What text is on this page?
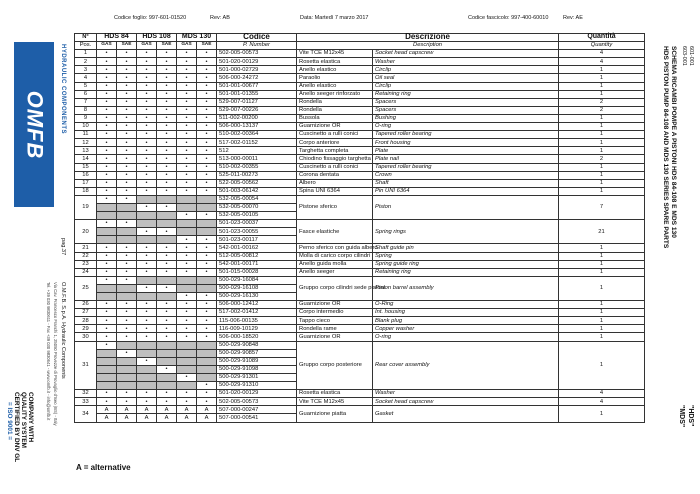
Codice foglio: 997-601-01520	Rev: AB	Data: Martedì 7 marzo 2017	Codice fascicolo: 997-400-60010	Rev: AE
OMFB HYDRAULIC COMPONENTS
O.M.F.B. S.p.A. Hydraulic Components
Via Cav. Francesco Franchi 1, 25050 Provezze di Provaglio d'Iseo (BS) - Italy
Tel. +39 030 9830611 - Fax +39 030 9830641 - www.omfb.it - info@omfb.it
pag.37
COMPANY WITH
QUALITY SYSTEM
CERTIFIED BY DNV GL
= ISO 9001 =
N°	HDS 84		HDS 108		MDS 130		Codice	Descrizione		Quantità
Pos.	GAS	SAE	GAS	SAE	GAS	SAE	P. Number	Description		Quantity
1	•	•	•	•	•	•	502-005-00573	Vite TCE M12x45	Socket head capscrew	4
2	•	•	•	•	•	•	501-020-00129	Rosetta elastica	Washer	4
3	•	•	•	•	•	•	501-000-02729	Anello elastico	Circlip	1
4	•	•	•	•	•	•	506-000-24272	Paraolio	Oil seal	1
5	•	•	•	•	•	•	501-001-00677	Anello elastico	Circlip	1
6	•	•	•	•	•	•	501-001-01355	Anello seeger rinforzato	Retaining ring	1
7	•	•	•	•	•	•	529-007-01127	Rondella	Spacers	2
8	•	•	•	•	•	•	529-007-00226	Rondella	Spacers	2
9	•	•	•	•	•	•	511-002-00200	Bussola	Bushing	1
10	•	•	•	•	•	•	506-000-13137	Guarnizione OR	O-ring	1
11	•	•	•	•	•	•	510-002-00364	Cuscinetto a rulli conici	Tapered roller bearing	1
12	•	•	•	•	•	•	517-002-01152	Corpo anteriore	Front housing	1
13	•	•	•	•	•	•	512	Targhetta completa	Plate	1
14	•	•	•	•	•	•	513-000-00011	Chiodino fissaggio targhetta	Plate nail	2
15	•	•	•	•	•	•	510-002-00355	Cuscinetto a rulli conici	Tapered roller bearing	1
16	•	•	•	•	•	•	525-011-00273	Corona dentata	Crown	1
17	•	•	•	•	•	•	522-005-00562	Albero	Shaft	1
18	•	•	•	•	•	•	501-003-06142	Spina UNI 6364	Pin UNI 6364	1
19	•	•					532-005-00054	Pistone sferico	Piston	7
			•	•			532-005-00070			
					•	•	532-005-00105			
20	•	•					501-023-00037	Fasce elastiche	Spring rings	21
			•	•			501-023-00055			
					•	•	501-023-00117			
21	•	•	•	•	•	•	542-001-00162	Perno sferico con guida albero	Shaft guide pin	1
22	•	•	•	•	•	•	512-005-00812	Molla di carico corpo cilindri	Spring	1
23	•	•	•	•	•	•	542-001-00171	Anello guida molla	Spring guide ring	1
24	•	•	•	•	•	•	501-015-00028	Anello seeger	Retaining ring	1
25	•	•					500-029-16084	Gruppo corpo cilindri sede pistoni	Piston barrel assembly	1
			•	•			500-029-16108			
					•	•	500-029-16130			
26	•	•	•	•	•	•	506-000-12412	Guarnizione OR	O-Ring	1
27	•	•	•	•	•	•	517-002-01412	Corpo intermedio	Int. housing	1
28	•	•	•	•	•	•	115-006-00135	Tappo cieco	Blank plug	1
29	•	•	•	•	•	•	116-009-10129	Rondella rame	Copper washer	1
30	•	•	•	•	•	•	506-000-18520	Guarnizione OR	O-ring	1
31	•						500-029-90848	Gruppo corpo posteriore	Rear cover assembly	1
		•					500-029-90857			
			•				500-029-91089			
				•			500-029-91098			
					•		500-029-91301			
						•	500-029-91310			
32	•	•	•	•	•	•	501-020-00129	Rosetta elastica	Washer	4
33	•	•	•	•	•	•	502-005-00573	Vite TCE M12x45	Socket head capscrew	4
34	A	A	A	A	A	A	507-000-00247	Guarnizione piatta	Gasket	1
	A	A	A	A	A	A	507-000-00541			
A = alternative
SCHEMA RICAMBI POMPE A PISTONI HDS 84-108 E MDS 130
HDS PISTON PUMP 84-108 AND MDS 130 SERIES SPARE PARTS	601-001
603-001
"HDS"
"MDS"
